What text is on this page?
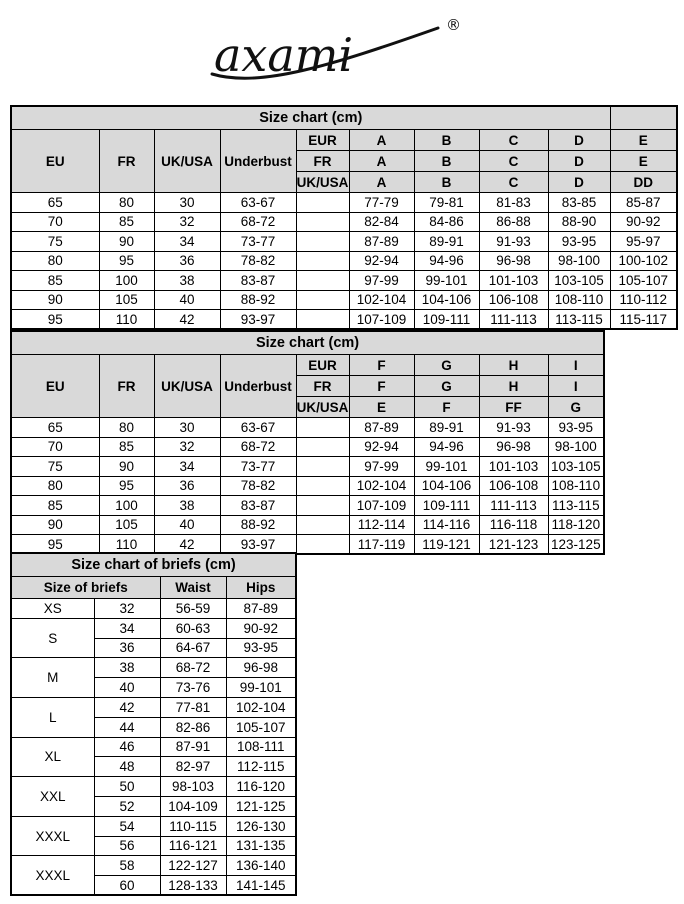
axami
®
Size chart (cm)									
EU	FR	UK/USA	Underbust	EUR	A	B	C	D	E
				FR	A	B	C	D	E
				UK/USA	A	B	C	D	DD
65	80	30	63-67		77-79	79-81	81-83	83-85	85-87
70	85	32	68-72		82-84	84-86	86-88	88-90	90-92
75	90	34	73-77		87-89	89-91	91-93	93-95	95-97
80	95	36	78-82		92-94	94-96	96-98	98-100	100-102
85	100	38	83-87		97-99	99-101	101-103	103-105	105-107
90	105	40	88-92		102-104	104-106	106-108	108-110	110-112
95	110	42	93-97		107-109	109-111	111-113	113-115	115-117
Size chart (cm)								
EU	FR	UK/USA	Underbust	EUR	F	G	H	I
				FR	F	G	H	I
				UK/USA	E	F	FF	G
65	80	30	63-67		87-89	89-91	91-93	93-95
70	85	32	68-72		92-94	94-96	96-98	98-100
75	90	34	73-77		97-99	99-101	101-103	103-105
80	95	36	78-82		102-104	104-106	106-108	108-110
85	100	38	83-87		107-109	109-111	111-113	113-115
90	105	40	88-92		112-114	114-116	116-118	118-120
95	110	42	93-97		117-119	119-121	121-123	123-125
Size chart of briefs (cm)			
Size of briefs		Waist	Hips
XS	32	56-59	87-89
S	34	60-63	90-92
	36	64-67	93-95
M	38	68-72	96-98
	40	73-76	99-101
L	42	77-81	102-104
	44	82-86	105-107
XL	46	87-91	108-111
	48	82-97	112-115
XXL	50	98-103	116-120
	52	104-109	121-125
XXXL	54	110-115	126-130
	56	116-121	131-135
XXXL	58	122-127	136-140
	60	128-133	141-145
